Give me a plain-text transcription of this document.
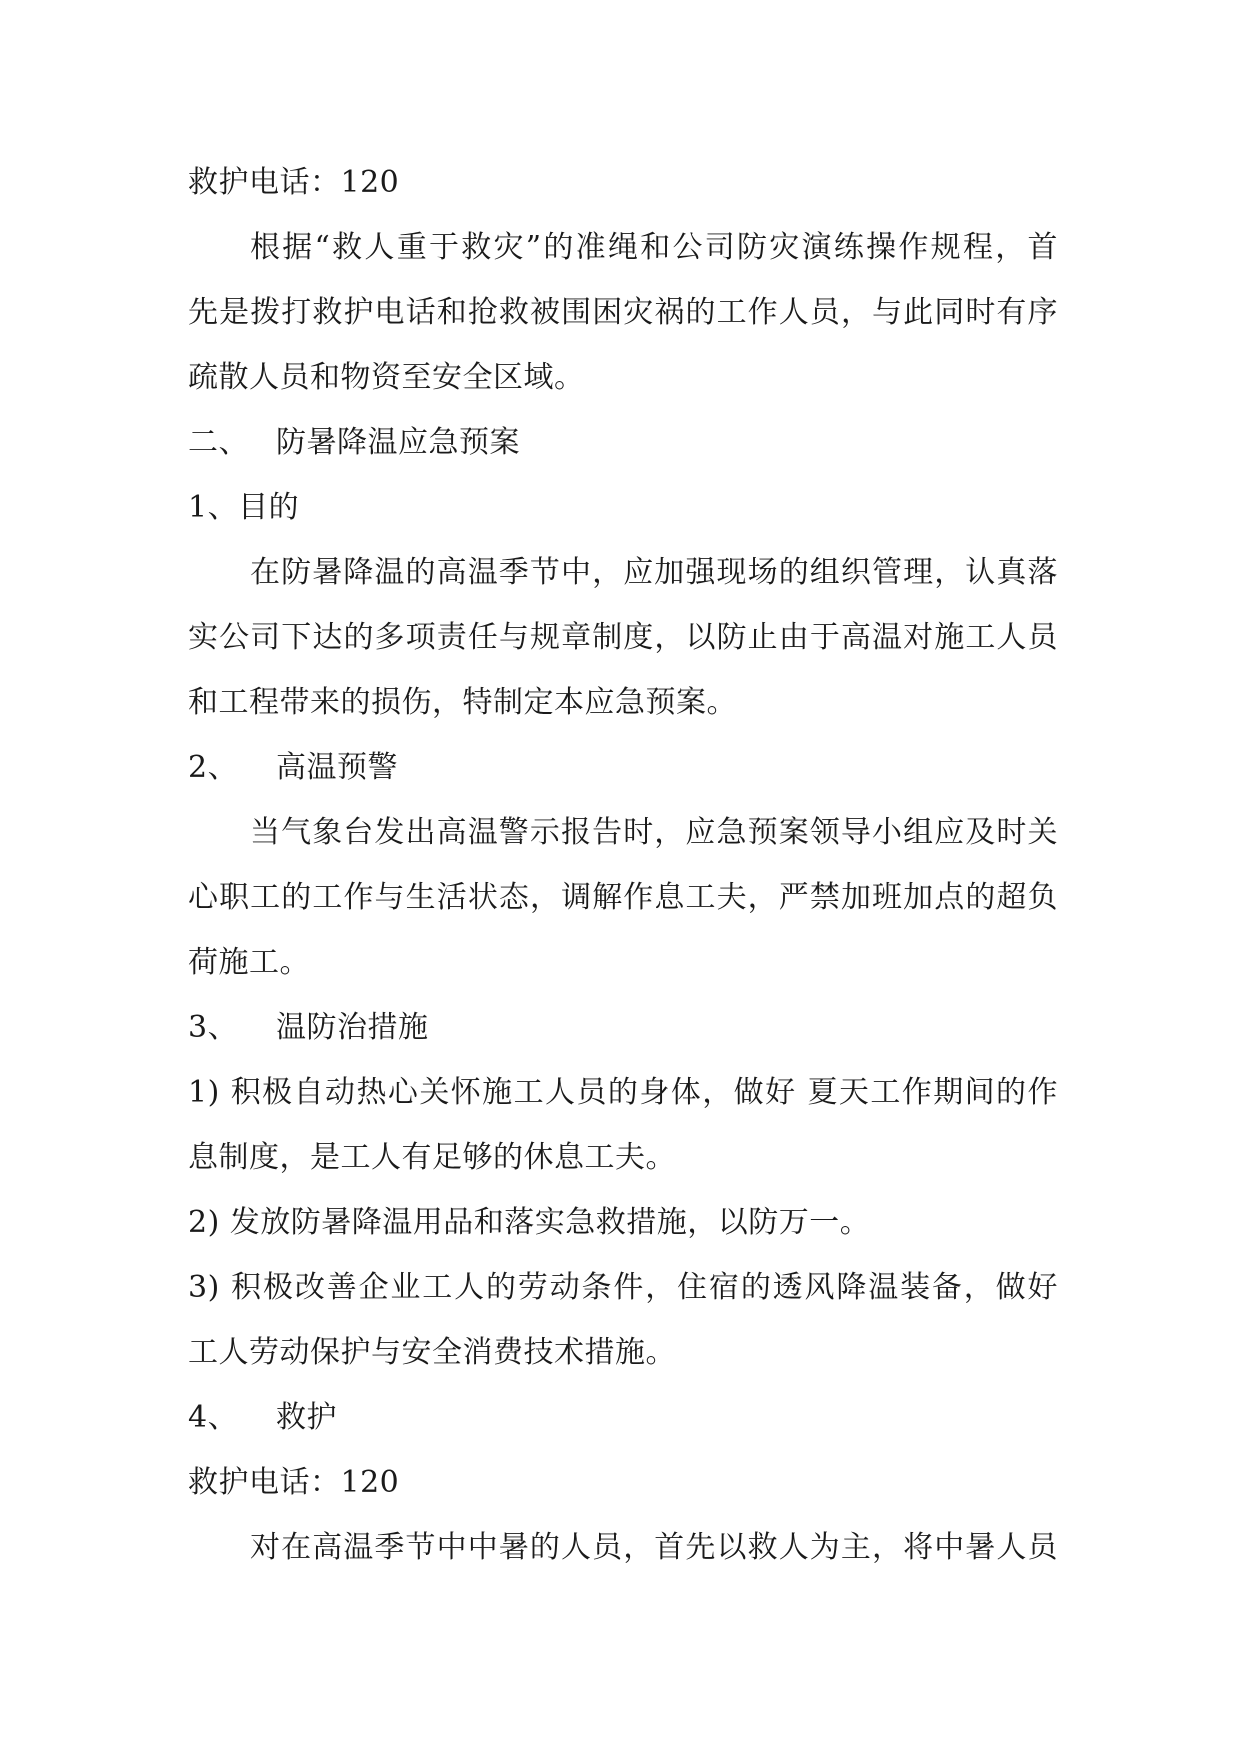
救护电话：120
根据“救人重于救灾”的准绳和公司防灾演练操作规程，首
先是拨打救护电话和抢救被围困灾祸的工作人员，与此同时有序
疏散人员和物资至安全区域。
二、 防暑降温应急预案
1、目的
在防暑降温的高温季节中，应加强现场的组织管理，认真落
实公司下达的多项责任与规章制度，以防止由于高温对施工人员
和工程带来的损伤，特制定本应急预案。
2、 高温预警
当气象台发出高温警示报告时，应急预案领导小组应及时关
心职工的工作与生活状态，调解作息工夫，严禁加班加点的超负
荷施工。
3、 温防治措施
1) 积极自动热心关怀施工人员的身体，做好 夏天工作期间的作
息制度，是工人有足够的休息工夫。
2) 发放防暑降温用品和落实急救措施，以防万一。
3) 积极改善企业工人的劳动条件，住宿的透风降温装备，做好
工人劳动保护与安全消费技术措施。
4、 救护
救护电话：120
对在高温季节中中暑的人员，首先以救人为主，将中暑人员
